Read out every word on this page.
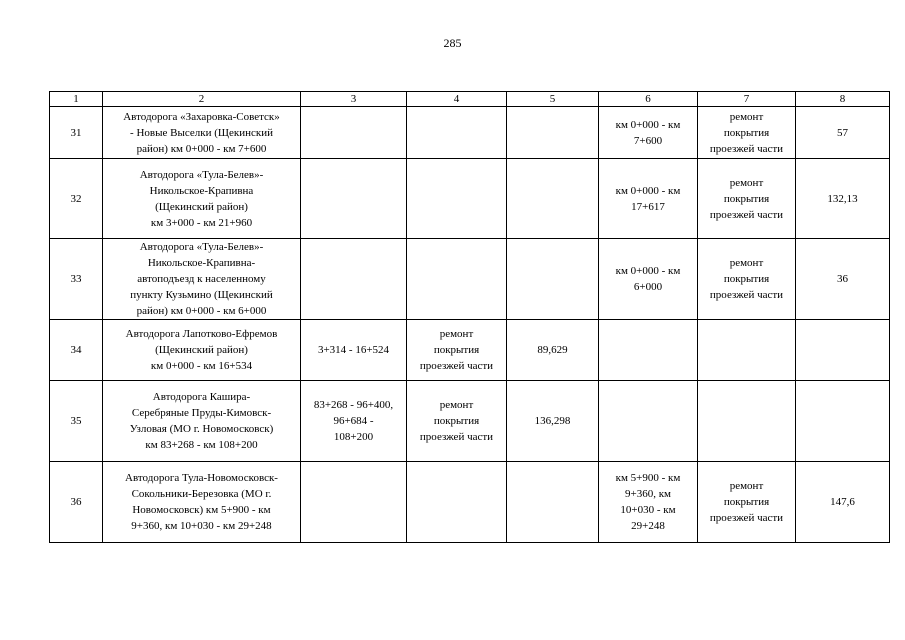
285
1	2	3	4	5	6	7	8
31	Автодорога «Захаровка-Советск»
- Новые Выселки (Щекинский
район) км 0+000 - км 7+600				км 0+000 - км
7+600	ремонт
покрытия
проезжей части	57
32	Автодорога «Тула-Белев»-
Никольское-Крапивна
(Щекинский район)
км 3+000 - км 21+960				км 0+000 - км
17+617	ремонт
покрытия
проезжей части	132,13
33	Автодорога «Тула-Белев»-
Никольское-Крапивна-
автоподъезд к населенному
пункту Кузьмино (Щекинский
район) км 0+000 - км 6+000				км 0+000 - км
6+000	ремонт
покрытия
проезжей части	36
34	Автодорога Лапотково-Ефремов
(Щекинский район)
км 0+000 - км 16+534	3+314 - 16+524	ремонт
покрытия
проезжей части	89,629			
35	Автодорога Кашира-
Серебряные Пруды-Кимовск-
Узловая (МО г. Новомосковск)
км 83+268 - км 108+200	83+268 - 96+400,
96+684 -
108+200	ремонт
покрытия
проезжей части	136,298			
36	Автодорога Тула-Новомосковск-
Сокольники-Березовка (МО г.
Новомосковск) км 5+900 - км
9+360, км 10+030 - км 29+248				км 5+900 - км
9+360, км
10+030 - км
29+248	ремонт
покрытия
проезжей части	147,6
